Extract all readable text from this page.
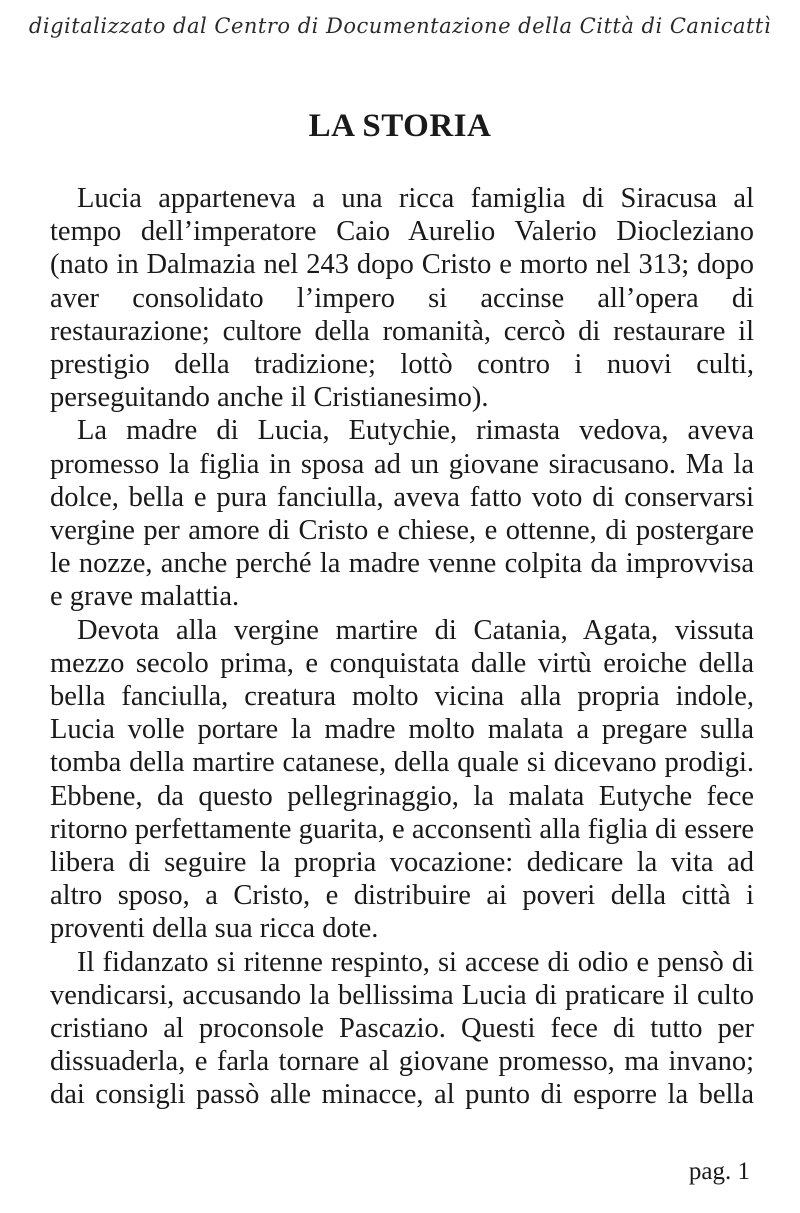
digitalizzato dal Centro di Documentazione della Città di Canicattì
LA STORIA
Lucia apparteneva a una ricca famiglia di Siracusa al
tempo dell’imperatore Caio Aurelio Valerio Diocleziano
(nato in Dalmazia nel 243 dopo Cristo e morto nel 313; dopo
aver consolidato l’impero si accinse all’opera di
restaurazione; cultore della romanità, cercò di restaurare il
prestigio della tradizione; lottò contro i nuovi culti,
perseguitando anche il Cristianesimo).
La madre di Lucia, Eutychie, rimasta vedova, aveva
promesso la figlia in sposa ad un giovane siracusano. Ma la
dolce, bella e pura fanciulla, aveva fatto voto di conservarsi
vergine per amore di Cristo e chiese, e ottenne, di postergare
le nozze, anche perché la madre venne colpita da improvvisa
e grave malattia.
Devota alla vergine martire di Catania, Agata, vissuta
mezzo secolo prima, e conquistata dalle virtù eroiche della
bella fanciulla, creatura molto vicina alla propria indole,
Lucia volle portare la madre molto malata a pregare sulla
tomba della martire catanese, della quale si dicevano prodigi.
Ebbene, da questo pellegrinaggio, la malata Eutyche fece
ritorno perfettamente guarita, e acconsentì alla figlia di essere
libera di seguire la propria vocazione: dedicare la vita ad
altro sposo, a Cristo, e distribuire ai poveri della città i
proventi della sua ricca dote.
Il fidanzato si ritenne respinto, si accese di odio e pensò di
vendicarsi, accusando la bellissima Lucia di praticare il culto
cristiano al proconsole Pascazio. Questi fece di tutto per
dissuaderla, e farla tornare al giovane promesso, ma invano;
dai consigli passò alle minacce, al punto di esporre la bella
pag. 1
